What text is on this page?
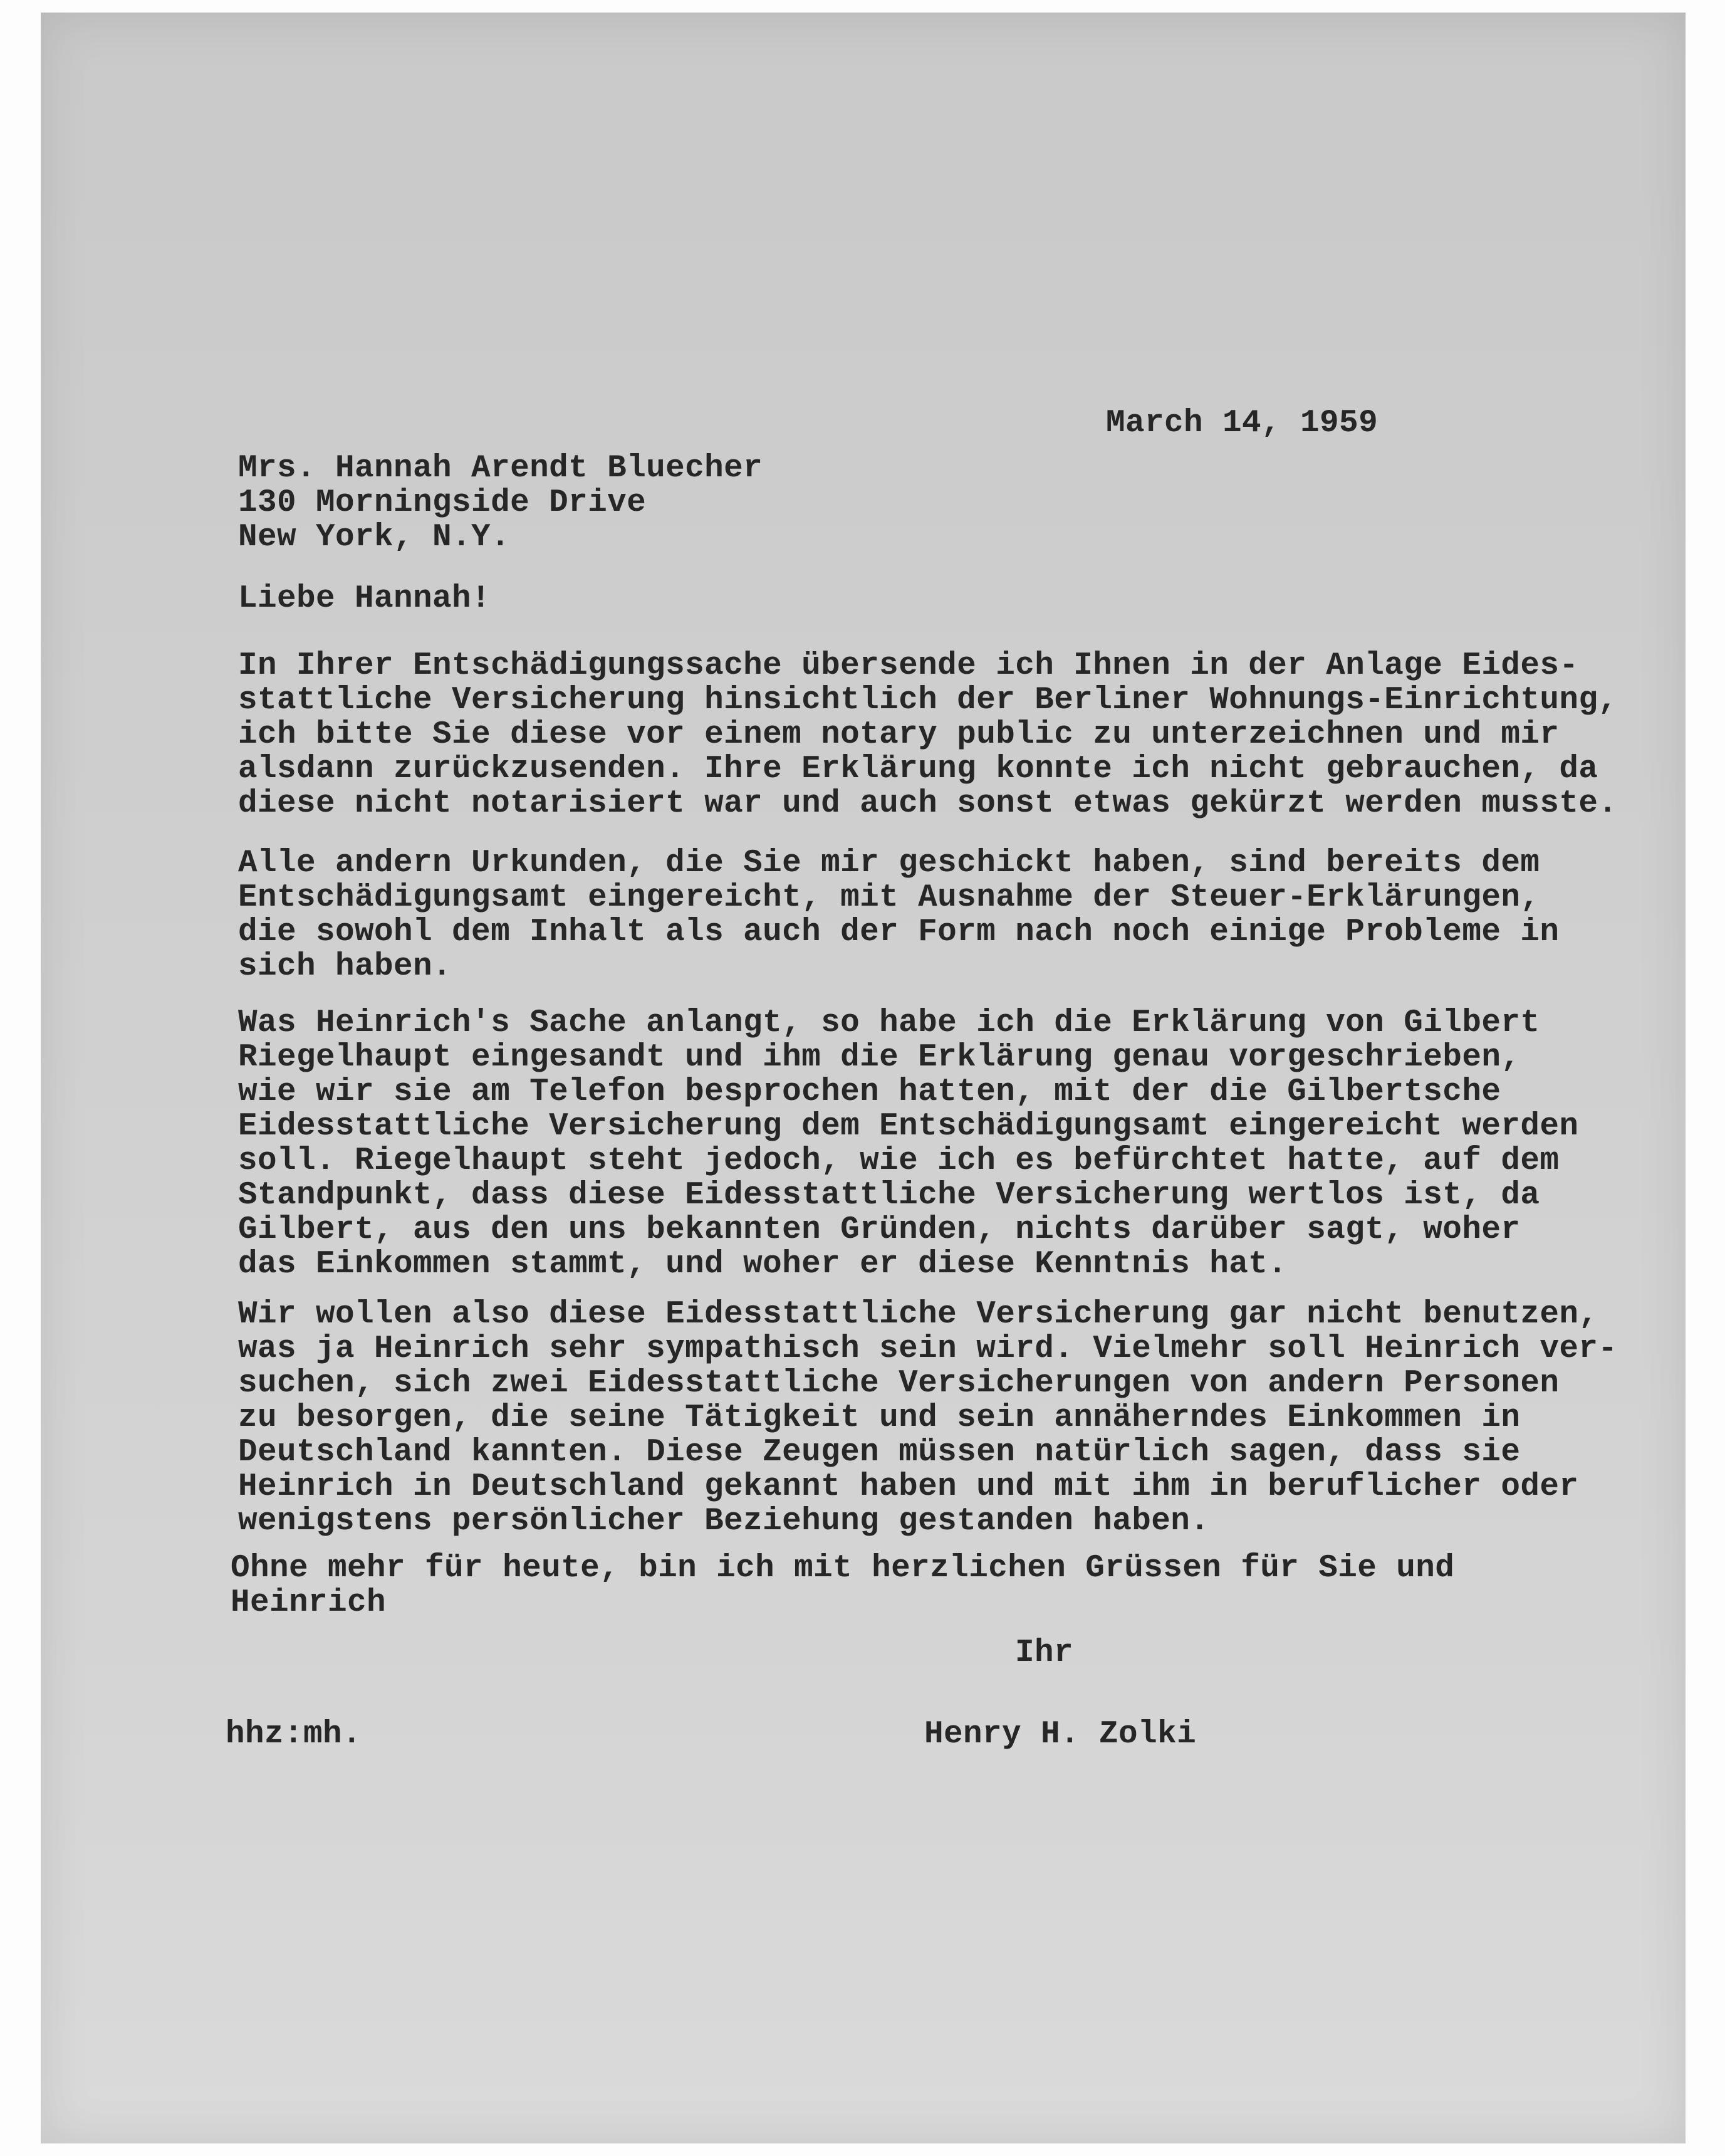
March 14, 1959

Mrs. Hannah Arendt Bluecher

130 Morningside Drive

New York, N.Y.

Liebe Hannah!

In Ihrer Entschädigungssache übersende ich Ihnen in der Anlage Eides-

stattliche Versicherung hinsichtlich der Berliner Wohnungs-Einrichtung,

ich bitte Sie diese vor einem notary public zu unterzeichnen und mir

alsdann zurückzusenden. Ihre Erklärung konnte ich nicht gebrauchen, da

diese nicht notarisiert war und auch sonst etwas gekürzt werden musste.

Alle andern Urkunden, die Sie mir geschickt haben, sind bereits dem

Entschädigungsamt eingereicht, mit Ausnahme der Steuer-Erklärungen,

die sowohl dem Inhalt als auch der Form nach noch einige Probleme in

sich haben.

Was Heinrich's Sache anlangt, so habe ich die Erklärung von Gilbert

Riegelhaupt eingesandt und ihm die Erklärung genau vorgeschrieben,

wie wir sie am Telefon besprochen hatten, mit der die Gilbertsche

Eidesstattliche Versicherung dem Entschädigungsamt eingereicht werden

soll. Riegelhaupt steht jedoch, wie ich es befürchtet hatte, auf dem

Standpunkt, dass diese Eidesstattliche Versicherung wertlos ist, da

Gilbert, aus den uns bekannten Gründen, nichts darüber sagt, woher

das Einkommen stammt, und woher er diese Kenntnis hat.

Wir wollen also diese Eidesstattliche Versicherung gar nicht benutzen,

was ja Heinrich sehr sympathisch sein wird. Vielmehr soll Heinrich ver-

suchen, sich zwei Eidesstattliche Versicherungen von andern Personen

zu besorgen, die seine Tätigkeit und sein annäherndes Einkommen in

Deutschland kannten. Diese Zeugen müssen natürlich sagen, dass sie

Heinrich in Deutschland gekannt haben und mit ihm in beruflicher oder

wenigstens persönlicher Beziehung gestanden haben.

Ohne mehr für heute, bin ich mit herzlichen Grüssen für Sie und

Heinrich

Ihr

hhz:mh.	Henry H. Zolki
